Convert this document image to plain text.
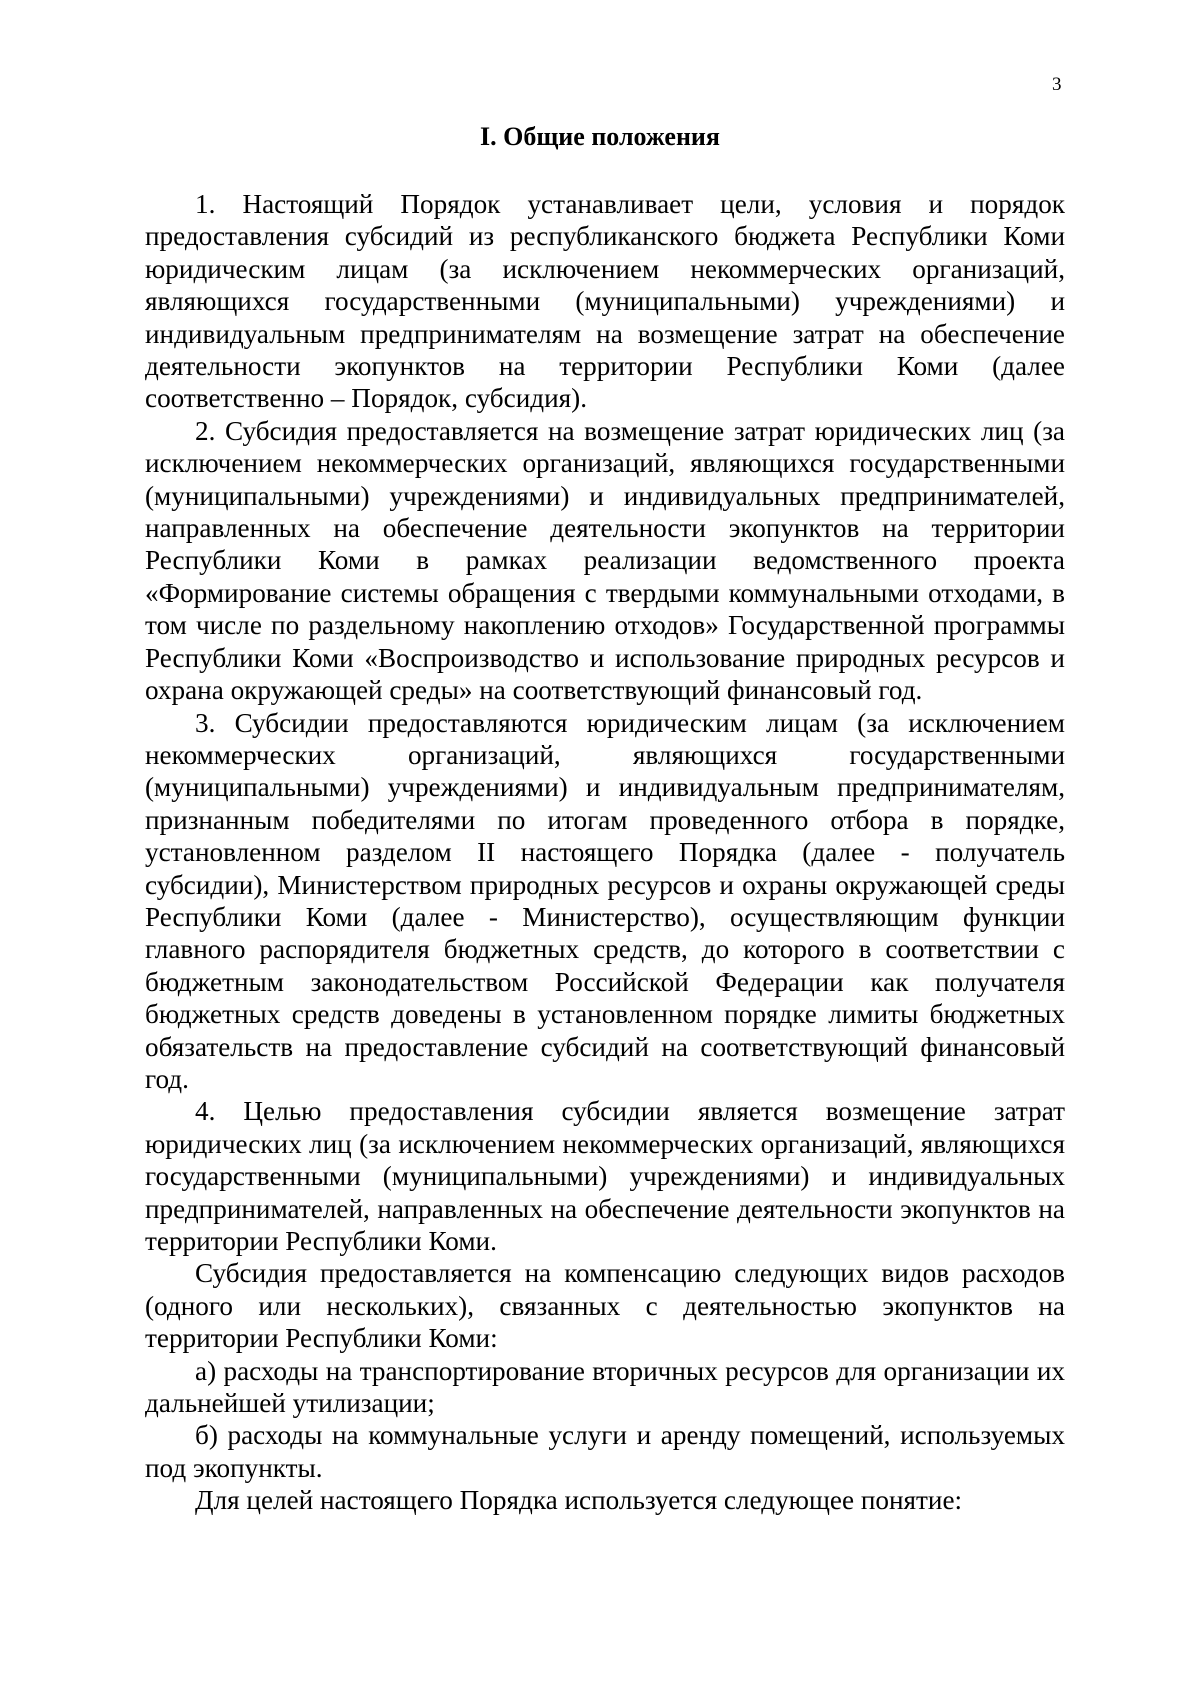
3
I. Общие положения

1. Настоящий Порядок устанавливает цели, условия и порядок предоставления субсидий из республиканского бюджета Республики Коми юридическим лицам (за исключением некоммерческих организаций, являющихся государственными (муниципальными) учреждениями) и индивидуальным предпринимателям на возмещение затрат на обеспечение деятельности экопунктов на территории Республики Коми (далее соответственно – Порядок, субсидия).

2. Субсидия предоставляется на возмещение затрат юридических лиц (за исключением некоммерческих организаций, являющихся государственными (муниципальными) учреждениями) и индивидуальных предпринимателей, направленных на обеспечение деятельности экопунктов на территории Республики Коми в рамках реализации ведомственного проекта «Формирование системы обращения с твердыми коммунальными отходами, в том числе по раздельному накоплению отходов» Государственной программы Республики Коми «Воспроизводство и использование природных ресурсов и охрана окружающей среды» на соответствующий финансовый год.

3. Субсидии предоставляются юридическим лицам (за исключением некоммерческих организаций, являющихся государственными (муниципальными) учреждениями) и индивидуальным предпринимателям, признанным победителями по итогам проведенного отбора в порядке, установленном разделом II настоящего Порядка (далее - получатель субсидии), Министерством природных ресурсов и охраны окружающей среды Республики Коми (далее - Министерство), осуществляющим функции главного распорядителя бюджетных средств, до которого в соответствии с бюджетным законодательством Российской Федерации как получателя бюджетных средств доведены в установленном порядке лимиты бюджетных обязательств на предоставление субсидий на соответствующий финансовый год.

4. Целью предоставления субсидии является возмещение затрат юридических лиц (за исключением некоммерческих организаций, являющихся государственными (муниципальными) учреждениями) и индивидуальных предпринимателей, направленных на обеспечение деятельности экопунктов на территории Республики Коми.

Субсидия предоставляется на компенсацию следующих видов расходов (одного или нескольких), связанных с деятельностью экопунктов на территории Республики Коми:

а) расходы на транспортирование вторичных ресурсов для организации их дальнейшей утилизации;

б) расходы на коммунальные услуги и аренду помещений, используемых под экопункты.

Для целей настоящего Порядка используется следующее понятие:
